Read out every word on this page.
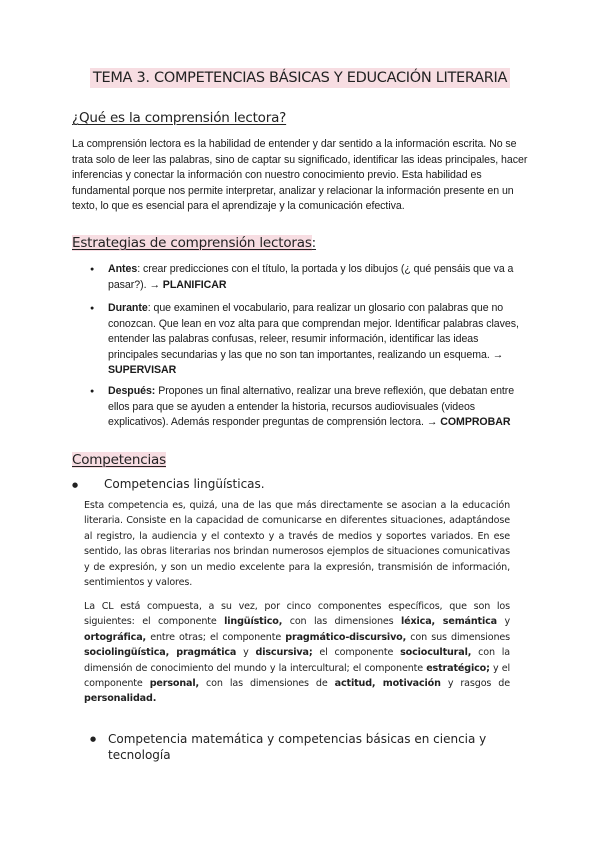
TEMA 3. COMPETENCIAS BÁSICAS Y EDUCACIÓN LITERARIA
¿Qué es la comprensión lectora?
La comprensión lectora es la habilidad de entender y dar sentido a la información escrita. No se trata solo de leer las palabras, sino de captar su significado, identificar las ideas principales, hacer inferencias y conectar la información con nuestro conocimiento previo. Esta habilidad es fundamental porque nos permite interpretar, analizar y relacionar la información presente en un texto, lo que es esencial para el aprendizaje y la comunicación efectiva.
Estrategias de comprensión lectoras:
● Antes: crear predicciones con el título, la portada y los dibujos (¿ qué pensáis que va a pasar?). → PLANIFICAR
● Durante: que examinen el vocabulario, para realizar un glosario con palabras que no conozcan. Que lean en voz alta para que comprendan mejor. Identificar palabras claves, entender las palabras confusas, releer, resumir información, identificar las ideas principales secundarias y las que no son tan importantes, realizando un esquema. → SUPERVISAR
● Después: Propones un final alternativo, realizar una breve reflexión, que debatan entre ellos para que se ayuden a entender la historia, recursos audiovisuales (videos explicativos). Además responder preguntas de comprensión lectora. → COMPROBAR
Competencias
● Competencias lingüísticas.
Esta competencia es, quizá, una de las que más directamente se asocian a la educación literaria. Consiste en la capacidad de comunicarse en diferentes situaciones, adaptándose al registro, la audiencia y el contexto y a través de medios y soportes variados. En ese sentido, las obras literarias nos brindan numerosos ejemplos de situaciones comunicativas y de expresión, y son un medio excelente para la expresión, transmisión de información, sentimientos y valores.
La CL está compuesta, a su vez, por cinco componentes específicos, que son los siguientes: el componente lingüístico, con las dimensiones léxica, semántica y ortográfica, entre otras; el componente pragmático-discursivo, con sus dimensiones sociolingüística, pragmática y discursiva; el componente sociocultural, con la dimensión de conocimiento del mundo y la intercultural; el componente estratégico; y el componente personal, con las dimensiones de actitud, motivación y rasgos de personalidad.
● Competencia matemática y competencias básicas en ciencia y tecnología
